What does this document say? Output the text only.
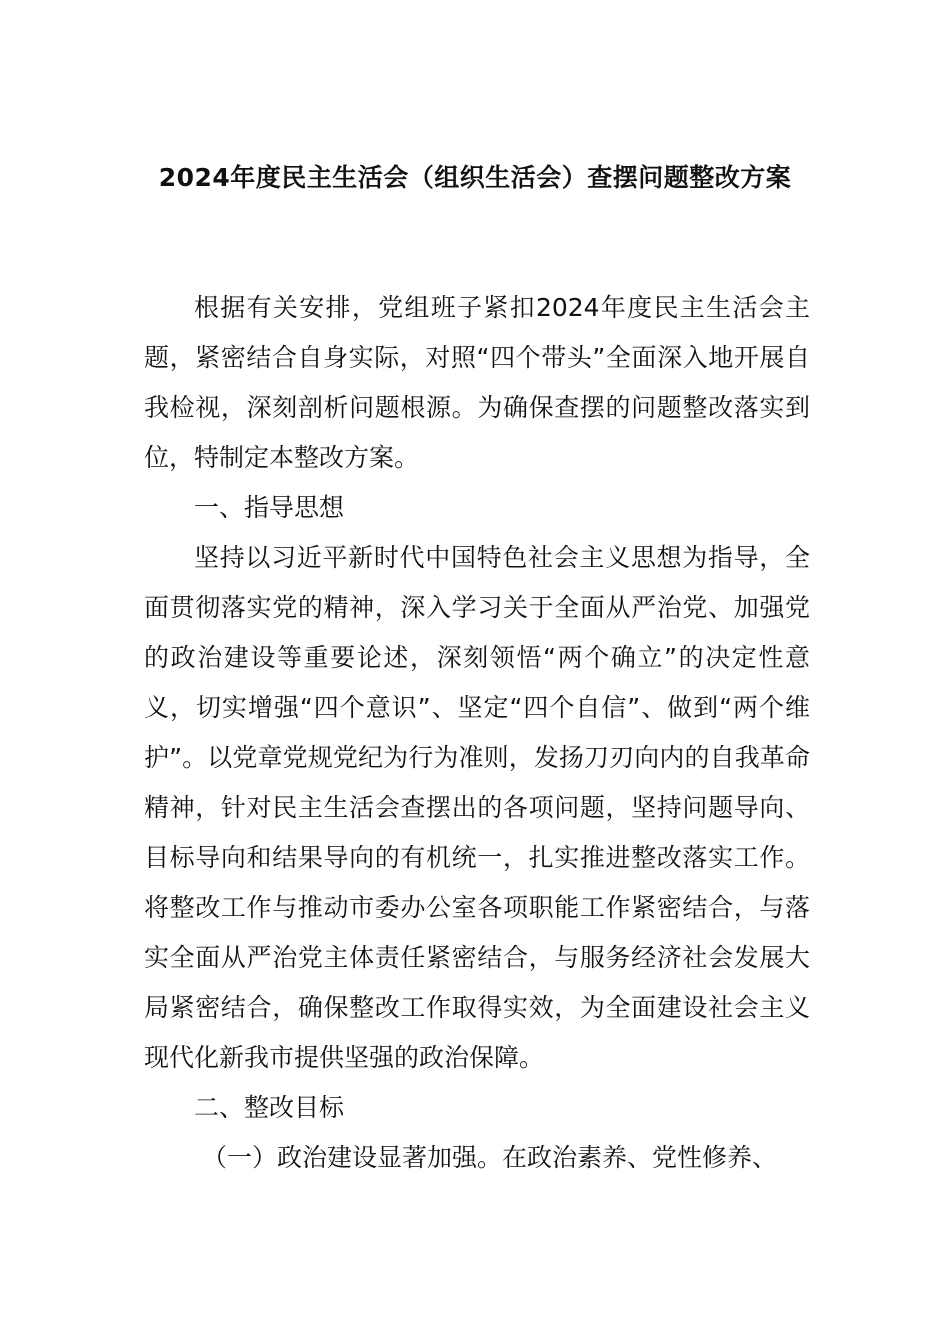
2024年度民主生活会（组织生活会）查摆问题整改方案

根据有关安排，党组班子紧扣2024年度民主生活会主题，紧密结合自身实际，对照“四个带头”全面深入地开展自我检视，深刻剖析问题根源。为确保查摆的问题整改落实到位，特制定本整改方案。

一、指导思想

坚持以习近平新时代中国特色社会主义思想为指导，全面贯彻落实党的精神，深入学习关于全面从严治党、加强党的政治建设等重要论述，深刻领悟“两个确立”的决定性意义，切实增强“四个意识”、坚定“四个自信”、做到“两个维护”。以党章党规党纪为行为准则，发扬刀刃向内的自我革命精神，针对民主生活会查摆出的各项问题，坚持问题导向、目标导向和结果导向的有机统一，扎实推进整改落实工作。将整改工作与推动市委办公室各项职能工作紧密结合，与落实全面从严治党主体责任紧密结合，与服务经济社会发展大局紧密结合，确保整改工作取得实效，为全面建设社会主义现代化新我市提供坚强的政治保障。

二、整改目标

（一）政治建设显著加强。在政治素养、党性修养、
